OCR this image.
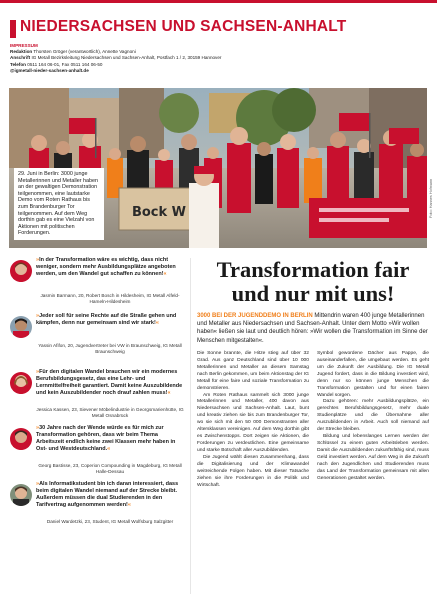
NIEDERSACHSEN UND SACHSEN-ANHALT
IMPRESSUM
Redaktion Thorsten Gröger (verantwortlich), Annette Vagnoni
Anschrift IG Metall Bezirksleitung Niedersachsen und Sachsen-Anhalt, Postfach 1 / 2, 30159 Hannover
Telefon 0511 164 06-01, Fax 0511 164 06-50
@igmetall-nieder-sachsen-anhalt.de
Bock W
29. Juni in Berlin: 3000 junge Metallerinnen und Metaller haben an der gewaltigen Demonstration teilgenommen, eine lautstarke Demo vom Roten Rathaus bis zum Brandenburger Tor teilgenommen. Auf dem Weg dorthin gab es eine Vielzahl von Aktionen mit politischen Forderungen.
Foto: Hannes Hofmann
»In der Transformation wäre es wichtig, dass nicht weniger, sondern mehr Ausbildungsplätze angeboten werden, um den Wandel gut schaffen zu können!«
Jasmin Barmann, 20, Robert Bosch in Hildesheim, IG Metall Alfeld-Hameln-Hildesheim
»Jeder soll für seine Rechte auf die Straße gehen und kämpfen, denn nur gemeinsam sind wir stark!«
Yassin Afifon, 20, Jugendvertreter bei VW in Braunschweig, IG Metall Braunschweig
»Für den digitalen Wandel brauchen wir ein modernes Berufsbildungsgesetz, das eine Lehr- und Lernmittelfreiheit garantiert. Damit keine Auszubildende und kein Auszubildender noch drauf zahlen muss!«
Jessica Kassen, 23, Sievener Möbelindustrie in Georgsmarienhütte, IG Metall Osnabrück
»30 Jahre nach der Wende würde es für mich zur Transformation gehören, dass wir beim Thema Arbeitszeit endlich keine zwei Klassen mehr haben in Ost- und Westdeutschland.«
Georg Bastisse, 23, Coperion Compounding in Magdeburg, IG Metall Halle-Dessau
»Als Informatikstudent bin ich daran interessiert, dass beim digitalen Wandel niemand auf der Strecke bleibt. Außerdem müssen die dual Studierenden in den Tarifvertrag aufgenommen werden!«
Daniel Wardetzki, 23, Student, IG Metall Wolfsburg Salzgitter
Transformation fair und nur mit uns!
3000 BEI DER JUGENDDEMO IN BERLIN Mittendrin waren 400 junge Metallerinnen und Metaller aus Niedersachsen und Sachsen-Anhalt. Unter dem Motto »Wir wollen haben« ließen sie laut und deutlich hören: »Wir wollen die Transformation im Sinne der Menschen mitgestalten«.

Die Sonne brannte, die Hitze stieg auf über 32 Grad. Aus ganz Deutschland sind über 10 000 Metallerinnen und Metaller an diesem Samstag nach Berlin gekommen, um beim Aktionstag der IG Metall für eine faire und soziale Transformation zu demonstrieren.

Am Roten Rathaus sammelt sich 3000 junge Metallerinnen und Metaller, 400 davon aus Niedersachsen und Sachsen-Anhalt. Laut, bunt und kreativ ziehen sie bis zum Brandenburger Tor, wo sie sich mit den 50 000 Demonstranten aller Altersklassen vereinigen. Auf dem Weg dorthin gibt es Zwischenstopps. Dort zeigen sie Aktionen, die Forderungen zu verdeutlichen. Eine gemeinsame und starke Botschaft aller Auszubildenden.

Die Jugend wählt diesen Zusammenhang, dass die Digitalisierung und der Klimawandel weitreichende Folgen haben. Mit dieser Tatsache ziehen sie ihre Forderungen in die Politik und Wirtschaft.

Symbol gewordene Dächer aus Pappe, die auseinanderfallen, die umgebaut werden. Es geht um die Zukunft der Ausbildung. Die IG Metall Jugend fordert, dass in die Bildung investiert wird, denn nur so können junge Menschen die Transformation gestalten und für einen fairen Wandel sorgen.

Dazu gehören: mehr Ausbildungsplätze, ein gerechtes Berufsbildungsgesetz, mehr duale Studienplätze und die Übernahme aller Auszubildenden in Arbeit. Auch soll niemand auf der Strecke bleiben.

Bildung und lebenslanges Lernen werden der Schlüssel zu einem guten Arbeitsleben werden. Damit die Auszubildenden zukunftsfähig sind, muss Geld investiert werden. Auf dem Weg in die Zukunft nach den Jugendlichen und Studierenden muss das Land der Transformation gemeinsam mit allen Generationen gestaltet werden.
